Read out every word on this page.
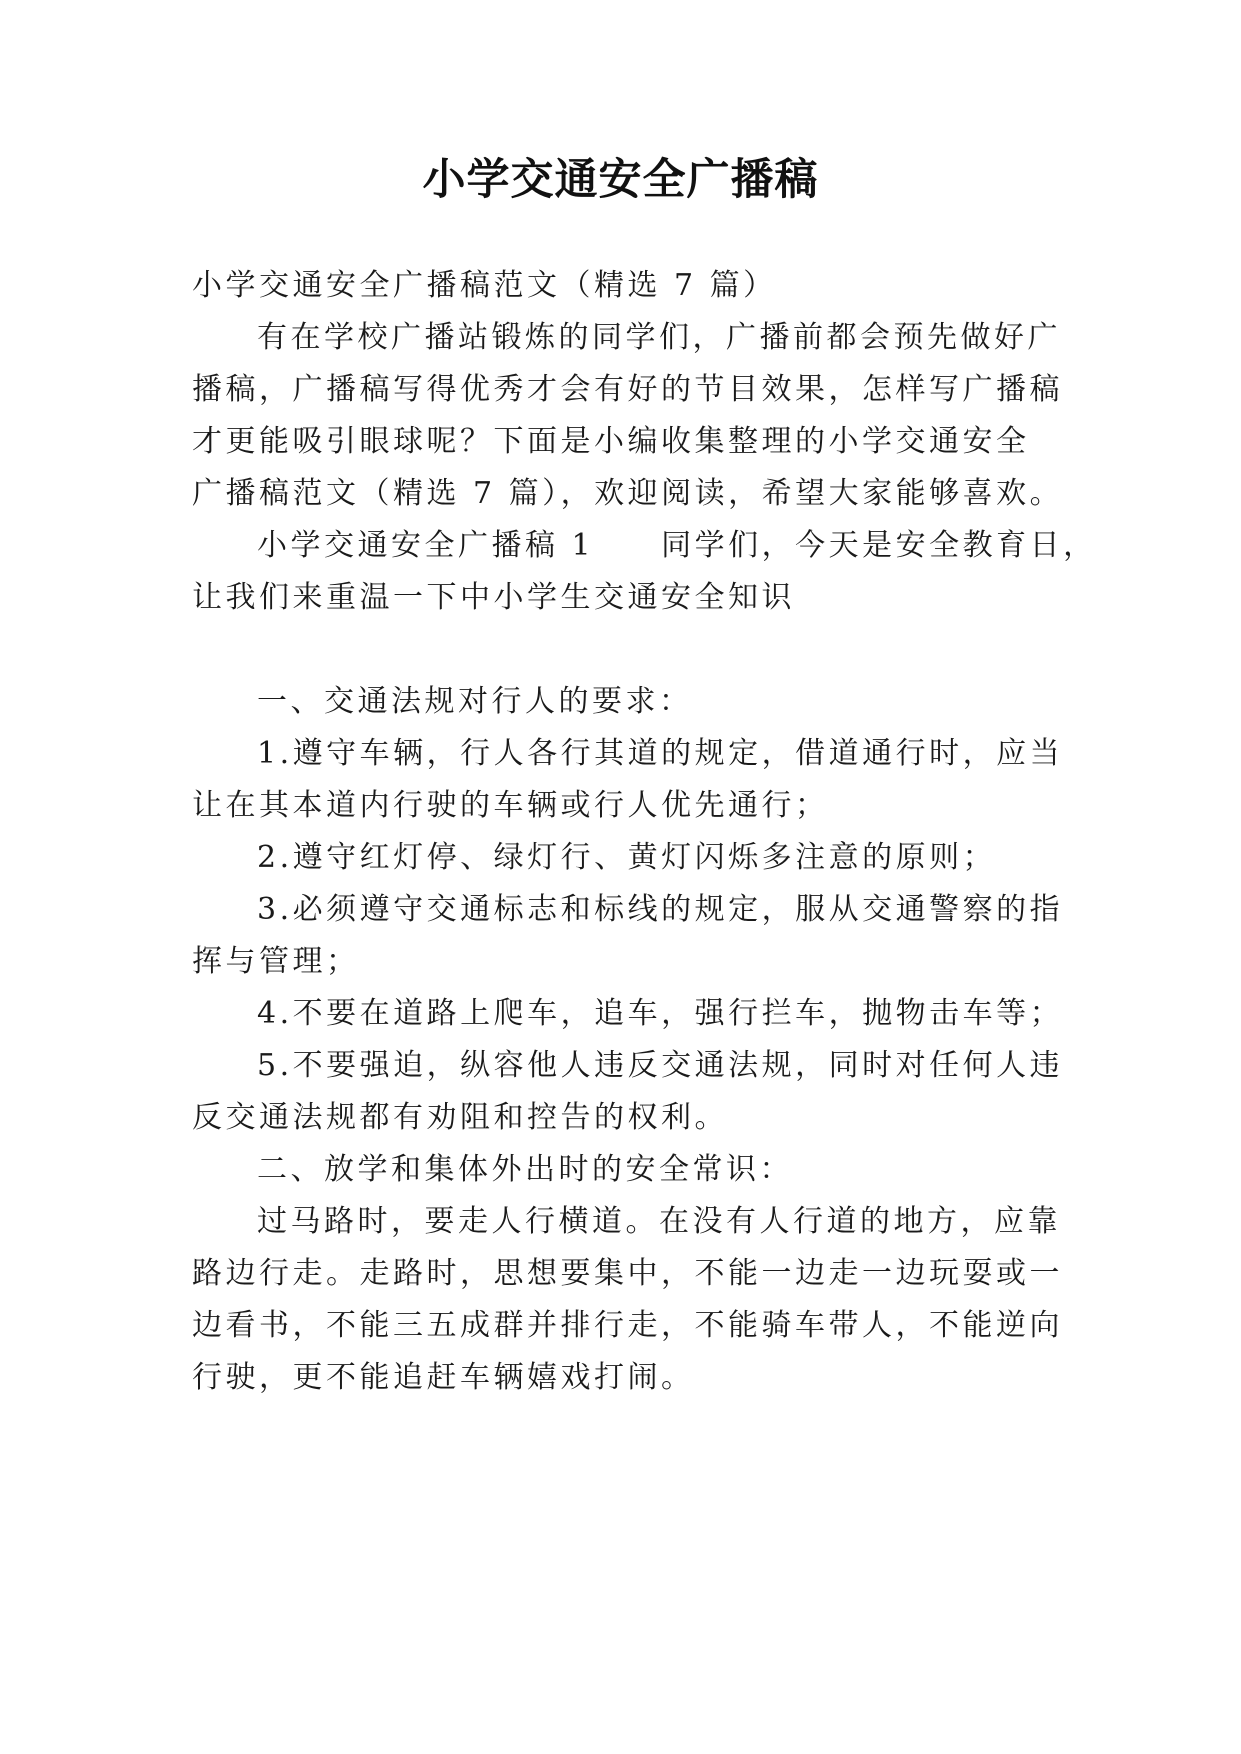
小学交通安全广播稿
小学交通安全广播稿范文（精选 7 篇）
有在学校广播站锻炼的同学们，广播前都会预先做好广
播稿，广播稿写得优秀才会有好的节目效果，怎样写广播稿
才更能吸引眼球呢？下面是小编收集整理的小学交通安全
广播稿范文（精选 7 篇），欢迎阅读，希望大家能够喜欢。
小学交通安全广播稿 1　　同学们，今天是安全教育日，
让我们来重温一下中小学生交通安全知识
一、交通法规对行人的要求：
1.遵守车辆，行人各行其道的规定，借道通行时，应当
让在其本道内行驶的车辆或行人优先通行；
2.遵守红灯停、绿灯行、黄灯闪烁多注意的原则；
3.必须遵守交通标志和标线的规定，服从交通警察的指
挥与管理；
4.不要在道路上爬车，追车，强行拦车，抛物击车等；
5.不要强迫，纵容他人违反交通法规，同时对任何人违
反交通法规都有劝阻和控告的权利。
二、放学和集体外出时的安全常识：
过马路时，要走人行横道。在没有人行道的地方，应靠
路边行走。走路时，思想要集中，不能一边走一边玩耍或一
边看书，不能三五成群并排行走，不能骑车带人，不能逆向
行驶，更不能追赶车辆嬉戏打闹。
